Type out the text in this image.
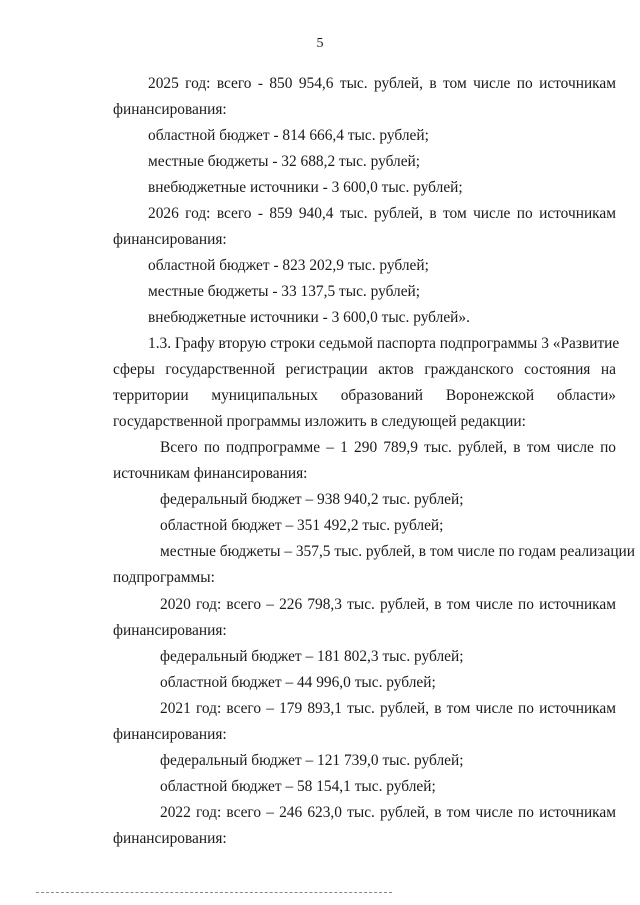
5
2025 год: всего - 850 954,6 тыс. рублей, в том числе по источникам
финансирования:
областной бюджет - 814 666,4 тыс. рублей;
местные бюджеты - 32 688,2 тыс. рублей;
внебюджетные источники - 3 600,0 тыс. рублей;
2026 год: всего - 859 940,4 тыс. рублей, в том числе по источникам
финансирования:
областной бюджет - 823 202,9 тыс. рублей;
местные бюджеты - 33 137,5 тыс. рублей;
внебюджетные источники - 3 600,0 тыс. рублей».
1.3. Графу вторую строки седьмой паспорта подпрограммы 3 «Развитие
сферы государственной регистрации актов гражданского состояния на
территории муниципальных образований Воронежской области»
государственной программы изложить в следующей редакции:
Всего по подпрограмме – 1 290 789,9 тыс. рублей, в том числе по
источникам финансирования:
федеральный бюджет – 938 940,2 тыс. рублей;
областной бюджет – 351 492,2 тыс. рублей;
местные бюджеты – 357,5 тыс. рублей, в том числе по годам реализации
подпрограммы:
2020 год: всего – 226 798,3 тыс. рублей, в том числе по источникам
финансирования:
федеральный бюджет – 181 802,3 тыс. рублей;
областной бюджет – 44 996,0 тыс. рублей;
2021 год: всего – 179 893,1 тыс. рублей, в том числе по источникам
финансирования:
федеральный бюджет – 121 739,0 тыс. рублей;
областной бюджет – 58 154,1 тыс. рублей;
2022 год: всего – 246 623,0 тыс. рублей, в том числе по источникам
финансирования:
